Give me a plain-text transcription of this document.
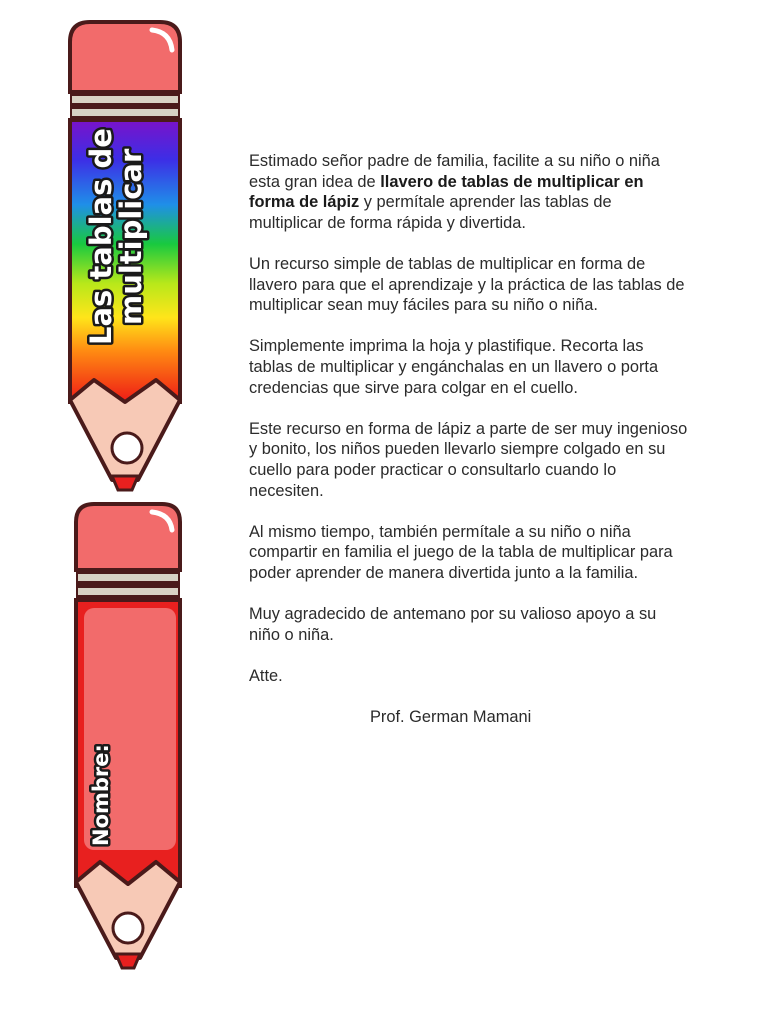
Las tablas de
multiplicar
Nombre:

Estimado señor padre de familia, facilite a su niño o niña esta gran idea de llavero de tablas de multiplicar en forma de lápiz y permítale aprender las tablas de multiplicar de forma rápida y divertida.

Un recurso simple de tablas de multiplicar en forma de llavero para que el aprendizaje y la práctica de las tablas de multiplicar sean muy fáciles para su niño o niña.

Simplemente imprima la hoja y plastifique. Recorta las tablas de multiplicar y engánchalas en un llavero o porta credencias que sirve para colgar en el cuello.

Este recurso en forma de lápiz a parte de ser muy ingenioso y bonito, los niños pueden llevarlo siempre colgado en su cuello para poder practicar o consultarlo cuando lo necesiten.

Al mismo tiempo, también permítale a su niño o niña compartir en familia el juego de la tabla de multiplicar para poder aprender de manera divertida junto a la familia.

Muy agradecido de antemano por su valioso apoyo a su niño o niña.

Atte.

Prof. German Mamani
